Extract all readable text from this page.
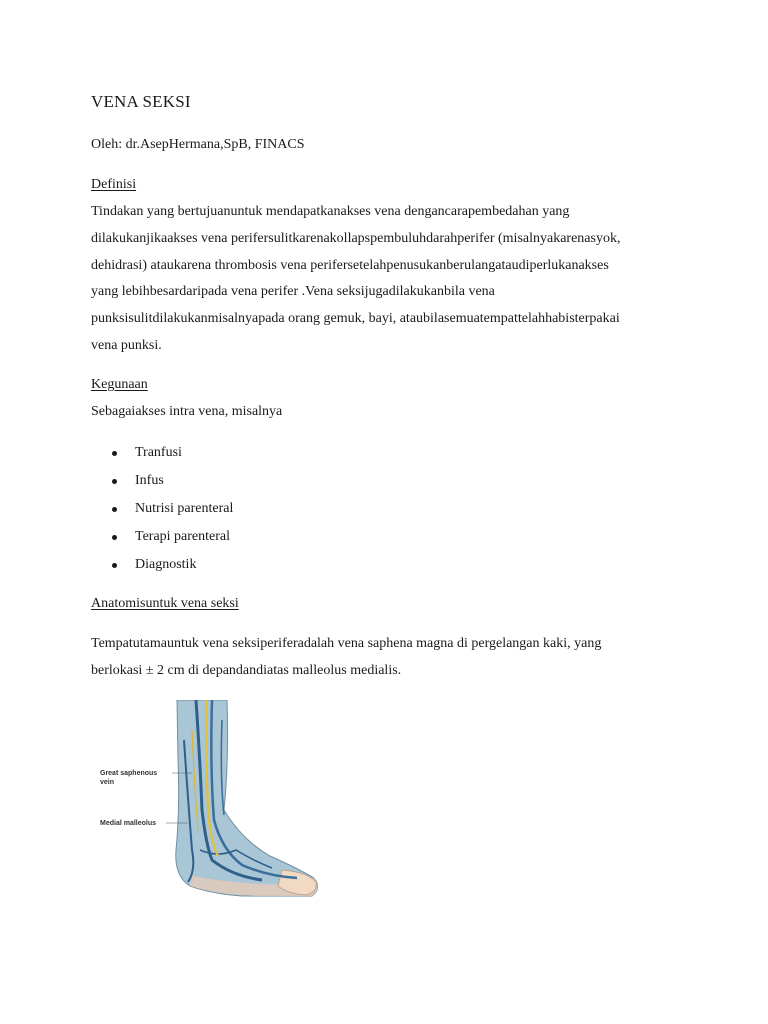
VENA SEKSI
Oleh: dr.AsepHermana,SpB, FINACS
Definisi
Tindakan yang bertujuanuntuk mendapatkanakses vena dengancarapembedahan yang
dilakukanjikaakses vena perifersulitkarenakollapspembuluhdarahperifer (misalnyakarenasyok,
dehidrasi) ataukarena thrombosis vena perifersetelahpenusukanberulangataudiperlukanakses
yang lebihbesardaripada vena perifer .Vena seksijugadilakukanbila vena
punksisulitdilakukanmisalnyapada orang gemuk, bayi, ataubilasemuatempattelahhabisterpakai
vena punksi.
Kegunaan
Sebagaiakses intra vena, misalnya
Tranfusi
Infus
Nutrisi parenteral
Terapi parenteral
Diagnostik
Anatomisuntuk vena seksi
Tempatutamauntuk vena seksiperiferadalah vena saphena magna di pergelangan kaki, yang
berlokasi ± 2 cm di depandandiatas malleolus medialis.
Great saphenous
vein
Medial malleolus
